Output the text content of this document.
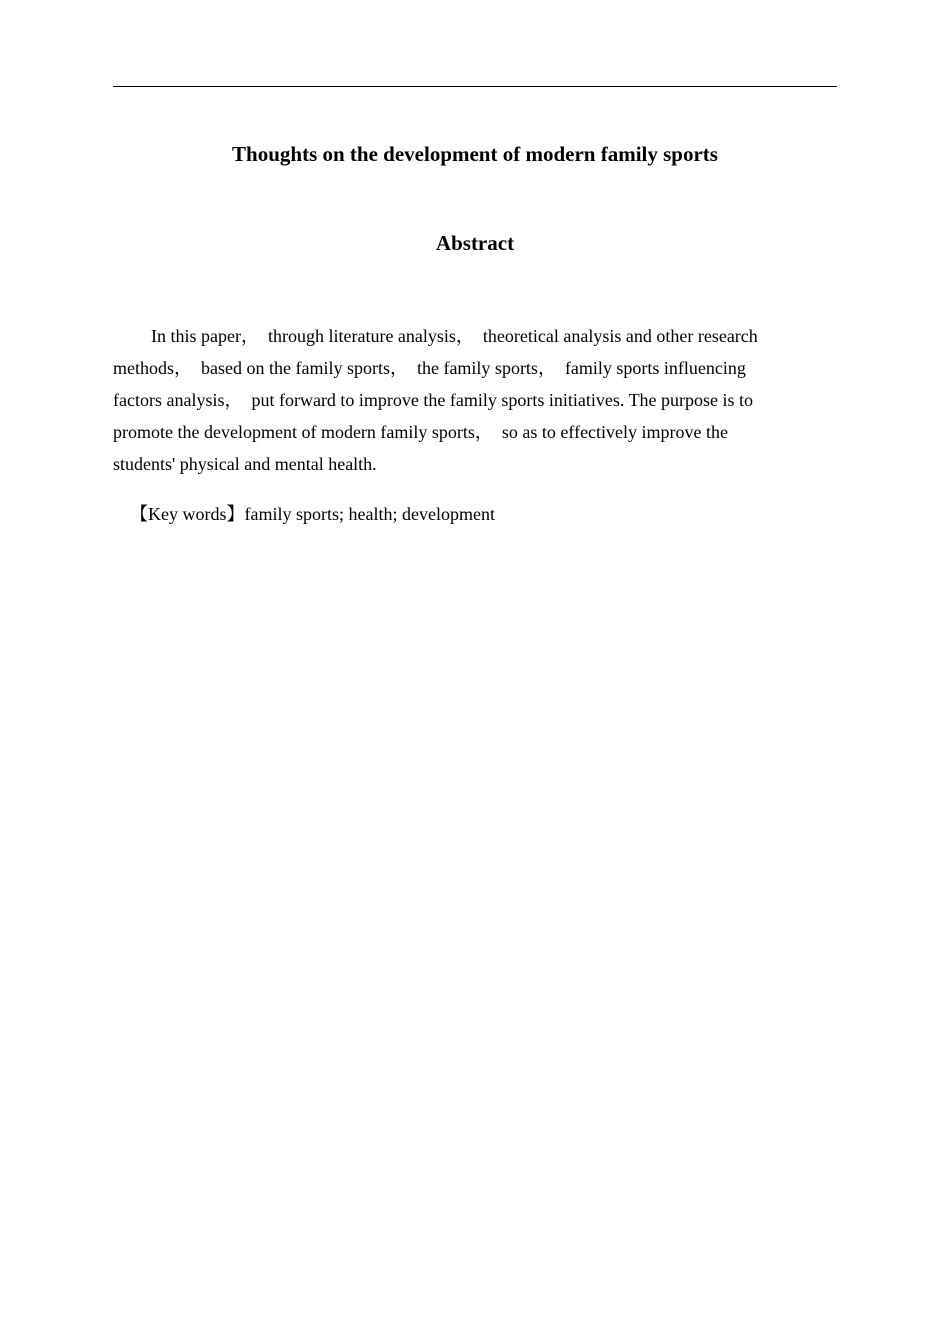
Thoughts on the development of modern family sports
Abstract

In this paper，  through literature analysis，  theoretical analysis and other research
methods，  based on the family sports，  the family sports，  family sports influencing
factors analysis，  put forward to improve the family sports initiatives. The purpose is to
promote the development of modern family sports，  so as to effectively improve the
students' physical and mental health.

【Key words】family sports; health; development
